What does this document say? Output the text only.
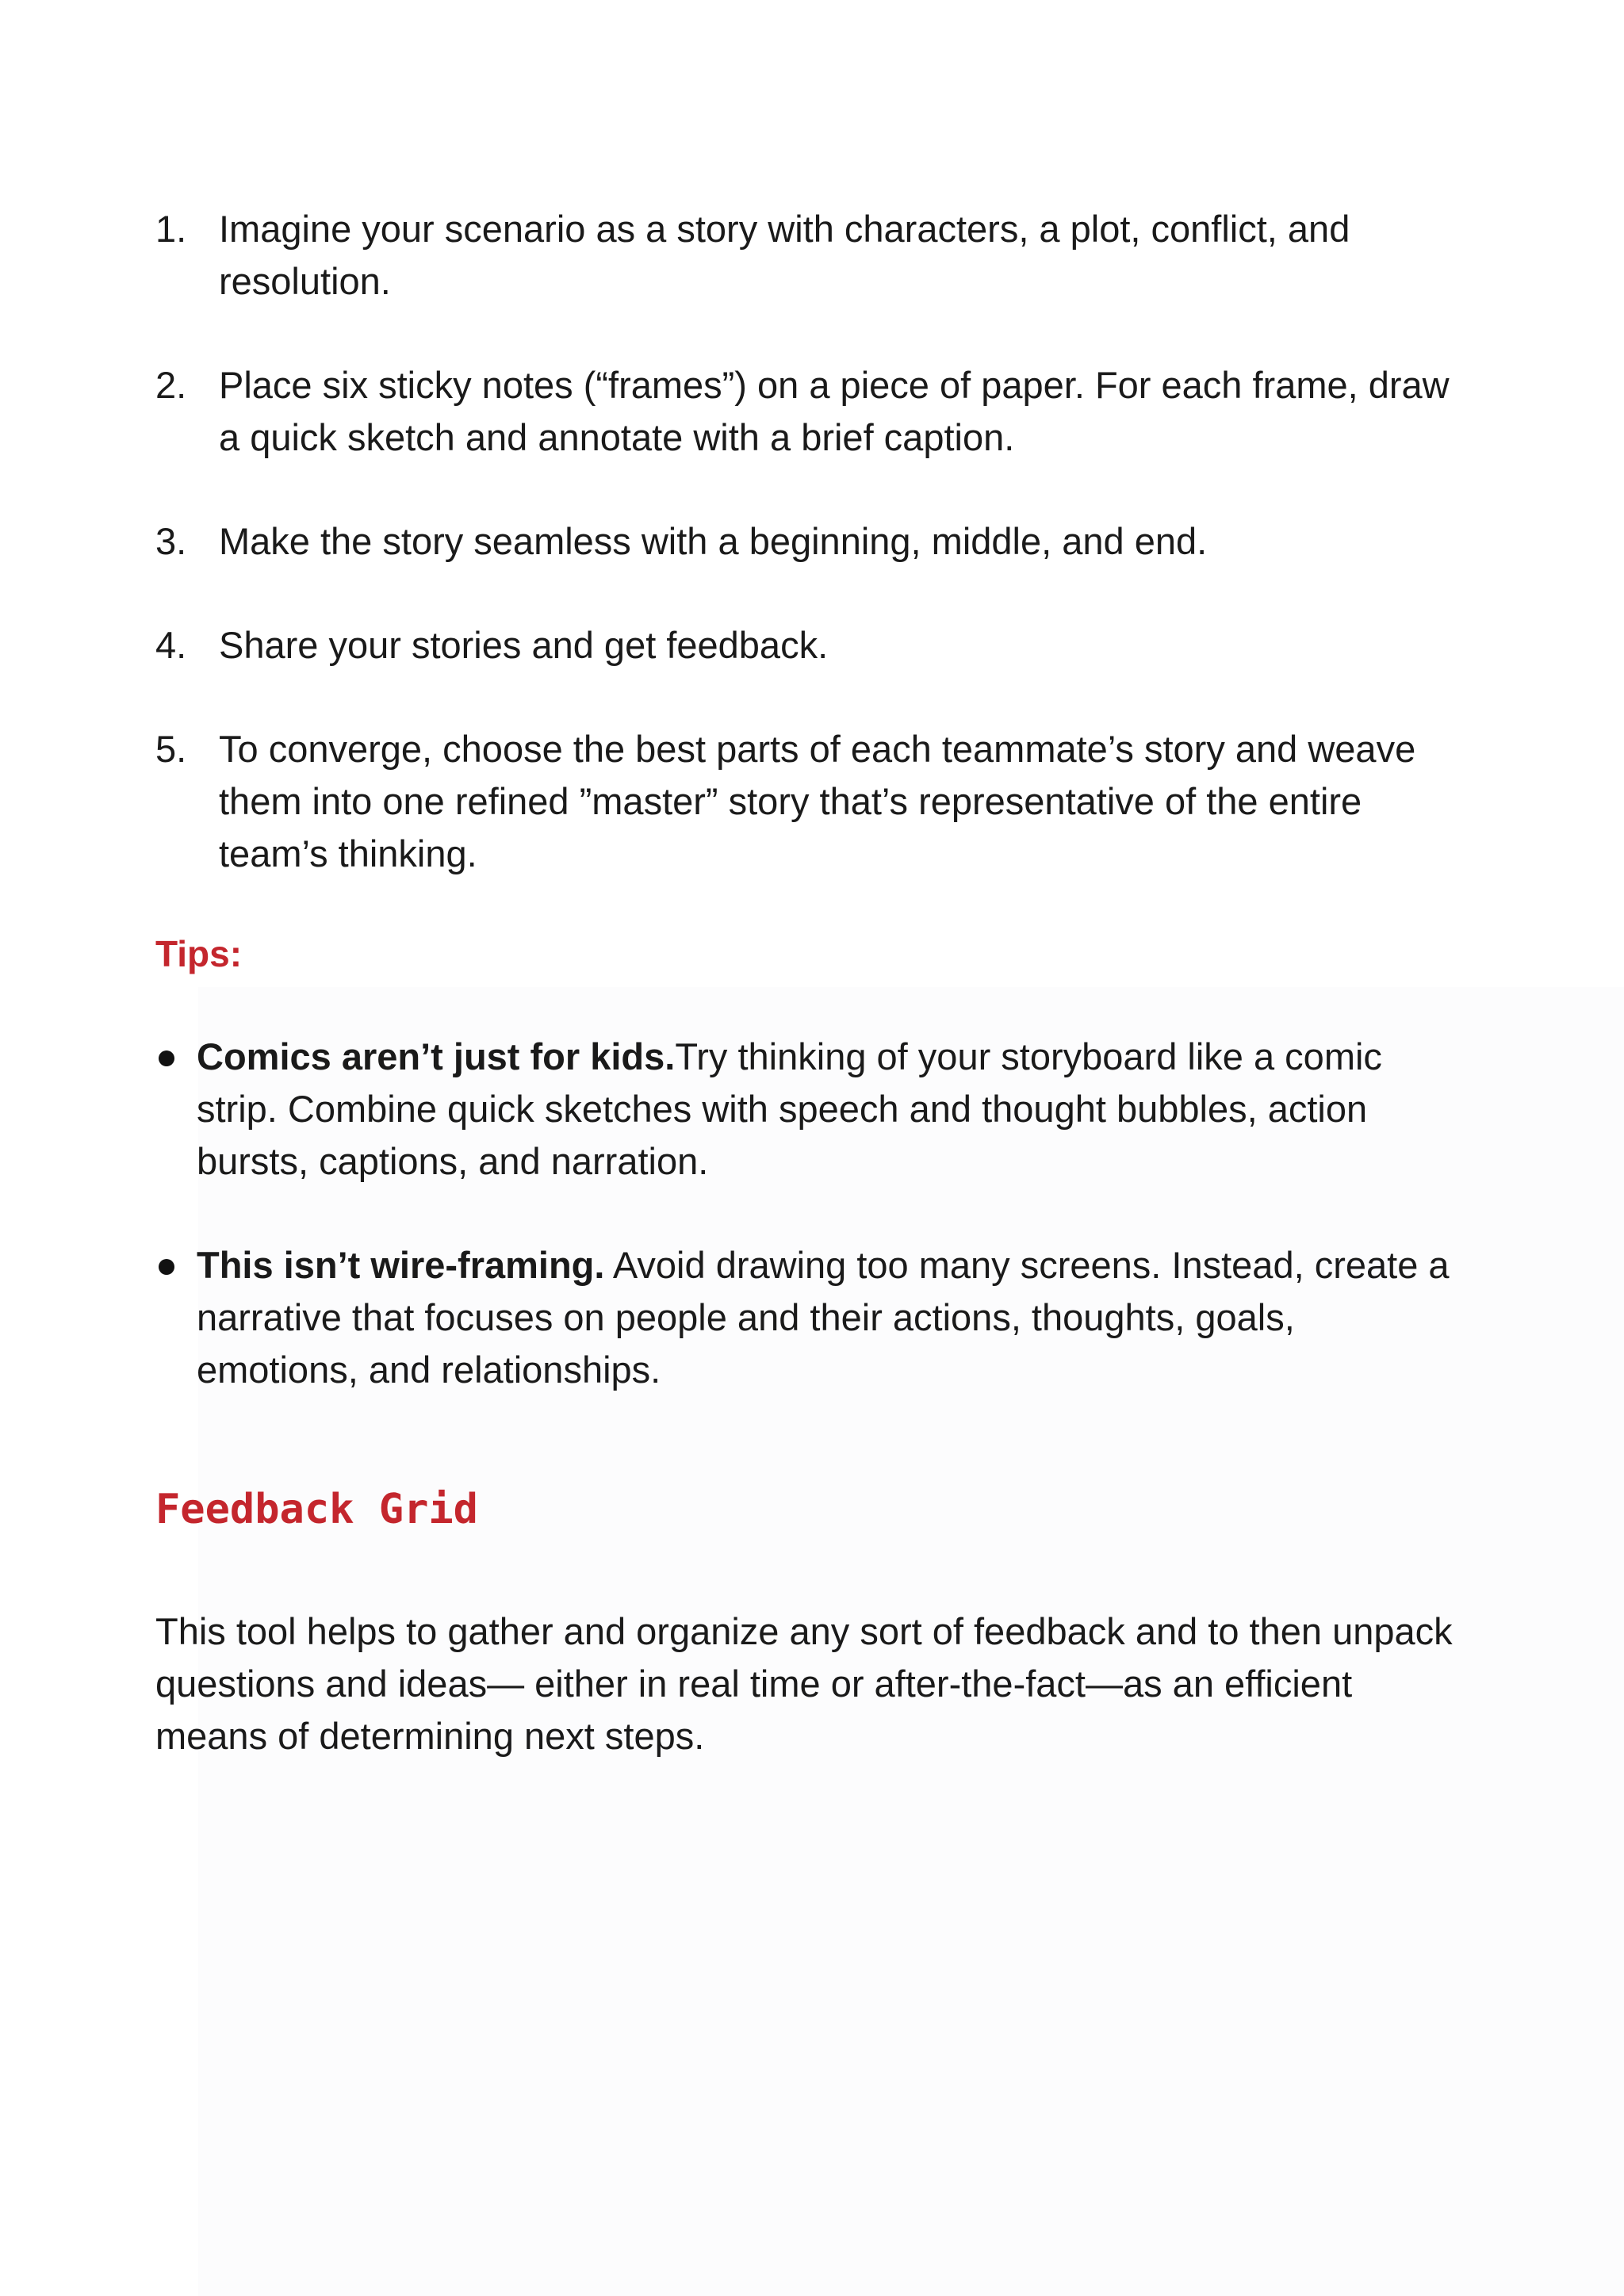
1. Imagine your scenario as a story with characters, a plot, conflict, and resolution.
2. Place six sticky notes (“frames”) on a piece of paper. For each frame, draw a quick sketch and annotate with a brief caption.
3. Make the story seamless with a beginning, middle, and end.
4. Share your stories and get feedback.
5. To converge, choose the best parts of each teammate’s story and weave them into one refined ”master” story that’s representative of the entire team’s thinking.

Tips:

Comics aren’t just for kids.Try thinking of your storyboard like a comic strip. Combine quick sketches with speech and thought bubbles, action bursts, captions, and narration.
This isn’t wire-framing. Avoid drawing too many screens. Instead, create a narrative that focuses on people and their actions, thoughts, goals, emotions, and relationships.
Feedback Grid

This tool helps to gather and organize any sort of feedback and to then unpack questions and ideas— either in real time or after-the-fact—as an efficient means of determining next steps.
